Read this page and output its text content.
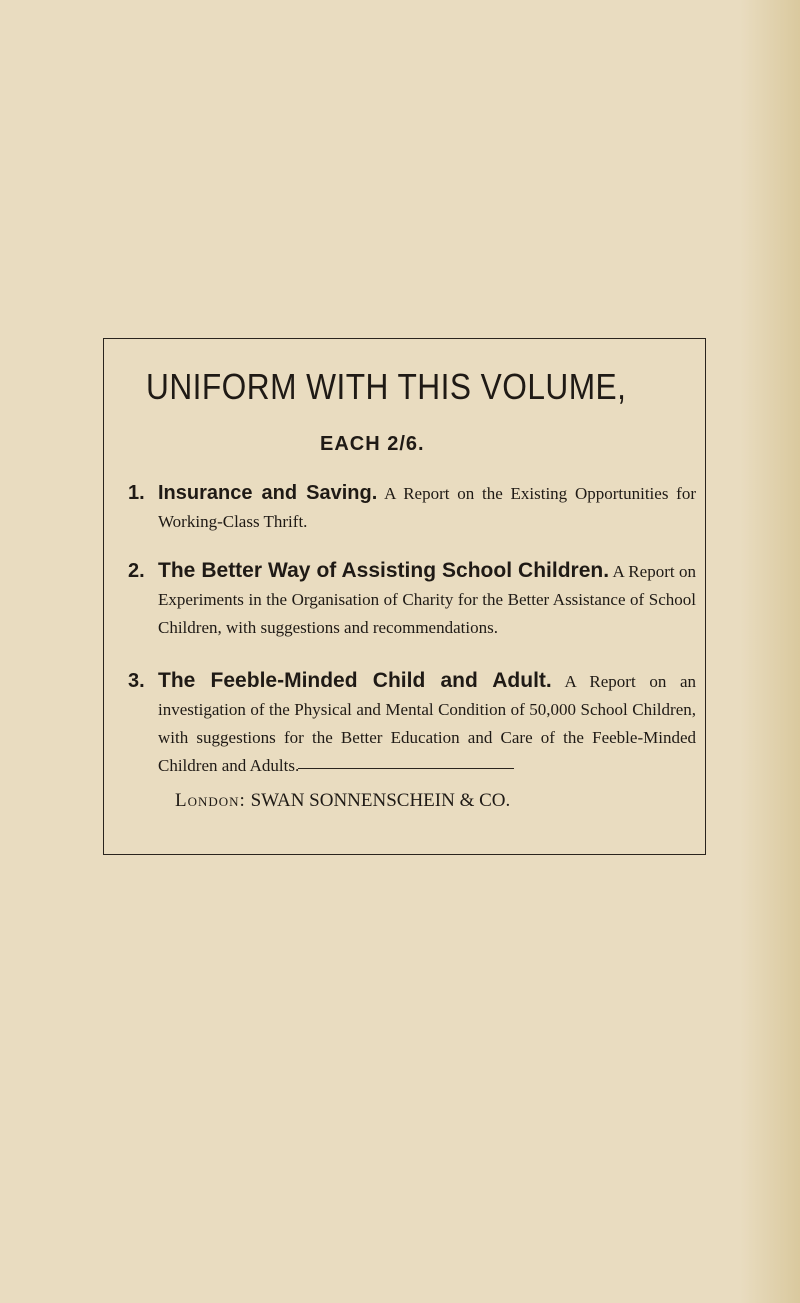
UNIFORM WITH THIS VOLUME,
EACH 2/6.
1. Insurance and Saving. A Report on the Existing Opportunities for Working-Class Thrift.
2. The Better Way of Assisting School Children. A Report on Experiments in the Organisation of Charity for the Better Assistance of School Children, with suggestions and recommendations.
3. The Feeble-Minded Child and Adult. A Report on an investigation of the Physical and Mental Condition of 50,000 School Children, with suggestions for the Better Education and Care of the Feeble-Minded Children and Adults.
London: SWAN SONNENSCHEIN & CO.
